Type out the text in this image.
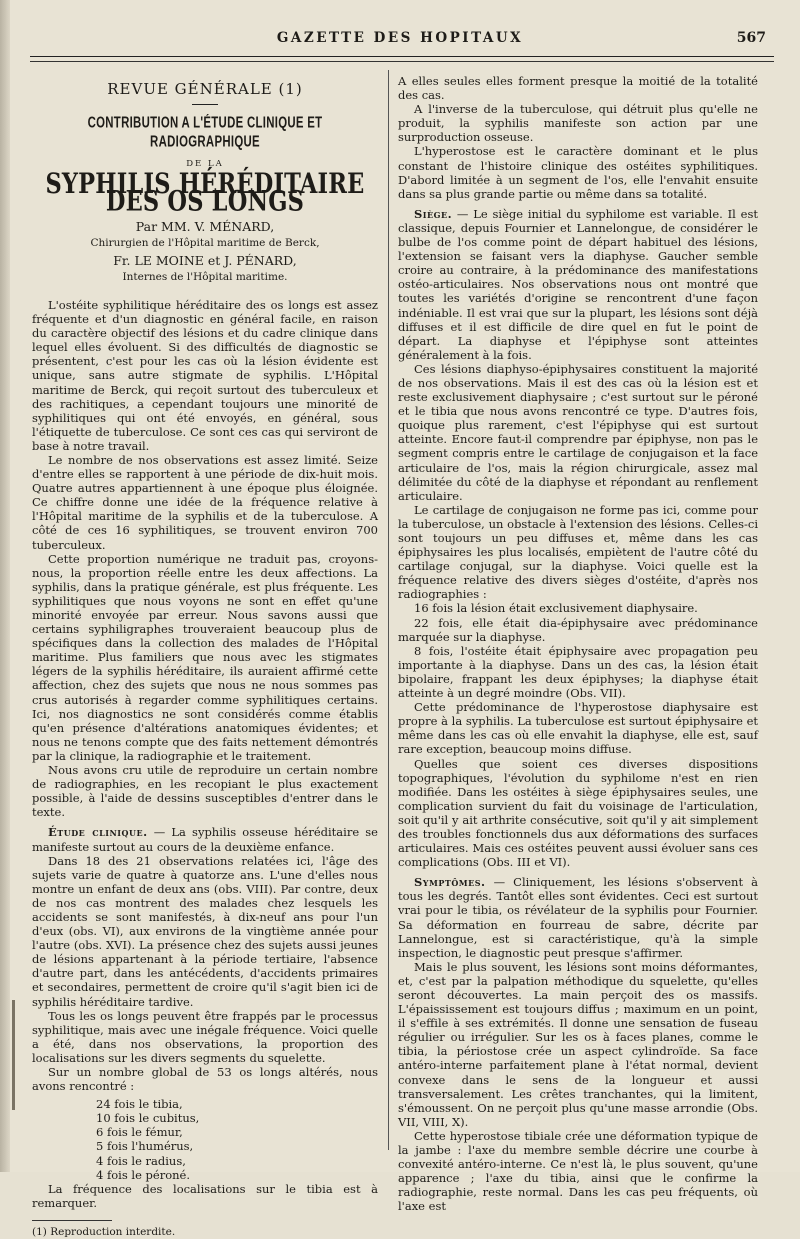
GAZETTE DES HOPITAUX	567
REVUE GÉNÉRALE (1)
CONTRIBUTION A L'ÉTUDE CLINIQUE ET RADIOGRAPHIQUE
DE LA
SYPHILIS HÉRÉDITAIRE DES OS LONGS
Par MM. V. MÉNARD,
Chirurgien de l'Hôpital maritime de Berck,
Fr. LE MOINE et J. PÉNARD,
Internes de l'Hôpital maritime.

L'ostéite syphilitique héréditaire des os longs est assez fréquente et d'un diagnostic en général facile, en raison du caractère objectif des lésions et du cadre clinique dans lequel elles évoluent. Si des difficultés de diagnostic se présentent, c'est pour les cas où la lésion évidente est unique, sans autre stigmate de syphilis. L'Hôpital maritime de Berck, qui reçoit surtout des tuberculeux et des rachitiques, a cependant toujours une minorité de syphilitiques qui ont été envoyés, en général, sous l'étiquette de tuberculose. Ce sont ces cas qui serviront de base à notre travail.

Le nombre de nos observations est assez limité. Seize d'entre elles se rapportent à une période de dix-huit mois. Quatre autres appartiennent à une époque plus éloignée. Ce chiffre donne une idée de la fréquence relative à l'Hôpital maritime de la syphilis et de la tuberculose. A côté de ces 16 syphilitiques, se trouvent environ 700 tuberculeux.

Cette proportion numérique ne traduit pas, croyons-nous, la proportion réelle entre les deux affections. La syphilis, dans la pratique générale, est plus fréquente. Les syphilitiques que nous voyons ne sont en effet qu'une minorité envoyée par erreur. Nous savons aussi que certains syphiligraphes trouveraient beaucoup plus de spécifiques dans la collection des malades de l'Hôpital maritime. Plus familiers que nous avec les stigmates légers de la syphilis héréditaire, ils auraient affirmé cette affection, chez des sujets que nous ne nous sommes pas crus autorisés à regarder comme syphilitiques certains. Ici, nos diagnostics ne sont considérés comme établis qu'en présence d'altérations anatomiques évidentes; et nous ne tenons compte que des faits nettement démontrés par la clinique, la radiographie et le traitement.

Nous avons cru utile de reproduire un certain nombre de radiographies, en les recopiant le plus exactement possible, à l'aide de dessins susceptibles d'entrer dans le texte.

Étude clinique. — La syphilis osseuse héréditaire se manifeste surtout au cours de la deuxième enfance.

Dans 18 des 21 observations relatées ici, l'âge des sujets varie de quatre à quatorze ans. L'une d'elles nous montre un enfant de deux ans (obs. VIII). Par contre, deux de nos cas montrent des malades chez lesquels les accidents se sont manifestés, à dix-neuf ans pour l'un d'eux (obs. VI), aux environs de la vingtième année pour l'autre (obs. XVI). La présence chez des sujets aussi jeunes de lésions appartenant à la période tertiaire, l'absence d'autre part, dans les antécédents, d'accidents primaires et secondaires, permettent de croire qu'il s'agit bien ici de syphilis héréditaire tardive.

Tous les os longs peuvent être frappés par le processus syphilitique, mais avec une inégale fréquence. Voici quelle a été, dans nos observations, la proportion des localisations sur les divers segments du squelette.

Sur un nombre global de 53 os longs altérés, nous avons rencontré :

24 fois le tibia,

10 fois le cubitus,

6 fois le fémur,

5 fois l'humérus,

4 fois le radius,

4 fois le péroné.

La fréquence des localisations sur le tibia est à remarquer.

(1) Reproduction interdite.

A elles seules elles forment presque la moitié de la totalité des cas.

A l'inverse de la tuberculose, qui détruit plus qu'elle ne produit, la syphilis manifeste son action par une surproduction osseuse.

L'hyperostose est le caractère dominant et le plus constant de l'histoire clinique des ostéites syphilitiques. D'abord limitée à un segment de l'os, elle l'envahit ensuite dans sa plus grande partie ou même dans sa totalité.

Siège. — Le siège initial du syphilome est variable. Il est classique, depuis Fournier et Lannelongue, de considérer le bulbe de l'os comme point de départ habituel des lésions, l'extension se faisant vers la diaphyse. Gaucher semble croire au contraire, à la prédominance des manifestations ostéo-articulaires. Nos observations nous ont montré que toutes les variétés d'origine se rencontrent d'une façon indéniable. Il est vrai que sur la plupart, les lésions sont déjà diffuses et il est difficile de dire quel en fut le point de départ. La diaphyse et l'épiphyse sont atteintes généralement à la fois.

Ces lésions diaphyso-épiphysaires constituent la majorité de nos observations. Mais il est des cas où la lésion est et reste exclusivement diaphysaire ; c'est surtout sur le péroné et le tibia que nous avons rencontré ce type. D'autres fois, quoique plus rarement, c'est l'épiphyse qui est surtout atteinte. Encore faut-il comprendre par épiphyse, non pas le segment compris entre le cartilage de conjugaison et la face articulaire de l'os, mais la région chirurgicale, assez mal délimitée du côté de la diaphyse et répondant au renflement articulaire.

Le cartilage de conjugaison ne forme pas ici, comme pour la tuberculose, un obstacle à l'extension des lésions. Celles-ci sont toujours un peu diffuses et, même dans les cas épiphysaires les plus localisés, empiètent de l'autre côté du cartilage conjugal, sur la diaphyse. Voici quelle est la fréquence relative des divers sièges d'ostéite, d'après nos radiographies :

16 fois la lésion était exclusivement diaphysaire.

22 fois, elle était dia-épiphysaire avec prédominance marquée sur la diaphyse.

8 fois, l'ostéite était épiphysaire avec propagation peu importante à la diaphyse. Dans un des cas, la lésion était bipolaire, frappant les deux épiphyses; la diaphyse était atteinte à un degré moindre (Obs. VII).

Cette prédominance de l'hyperostose diaphysaire est propre à la syphilis. La tuberculose est surtout épiphysaire et même dans les cas où elle envahit la diaphyse, elle est, sauf rare exception, beaucoup moins diffuse.

Quelles que soient ces diverses dispositions topographiques, l'évolution du syphilome n'est en rien modifiée. Dans les ostéites à siège épiphysaires seules, une complication survient du fait du voisinage de l'articulation, soit qu'il y ait arthrite consécutive, soit qu'il y ait simplement des troubles fonctionnels dus aux déformations des surfaces articulaires. Mais ces ostéites peuvent aussi évoluer sans ces complications (Obs. III et VI).

Symptômes. — Cliniquement, les lésions s'observent à tous les degrés. Tantôt elles sont évidentes. Ceci est surtout vrai pour le tibia, os révélateur de la syphilis pour Fournier. Sa déformation en fourreau de sabre, décrite par Lannelongue, est si caractéristique, qu'à la simple inspection, le diagnostic peut presque s'affirmer.

Mais le plus souvent, les lésions sont moins déformantes, et, c'est par la palpation méthodique du squelette, qu'elles seront découvertes. La main perçoit des os massifs. L'épaississement est toujours diffus ; maximum en un point, il s'effile à ses extrémités. Il donne une sensation de fuseau régulier ou irrégulier. Sur les os à faces planes, comme le tibia, la périostose crée un aspect cylindroïde. Sa face antéro-interne parfaitement plane à l'état normal, devient convexe dans le sens de la longueur et aussi transversalement. Les crêtes tranchantes, qui la limitent, s'émoussent. On ne perçoit plus qu'une masse arrondie (Obs. VII, VIII, X).

Cette hyperostose tibiale crée une déformation typique de la jambe : l'axe du membre semble décrire une courbe à convexité antéro-interne. Ce n'est là, le plus souvent, qu'une apparence ; l'axe du tibia, ainsi que le confirme la radiographie, reste normal. Dans les cas peu fréquents, où l'axe est
